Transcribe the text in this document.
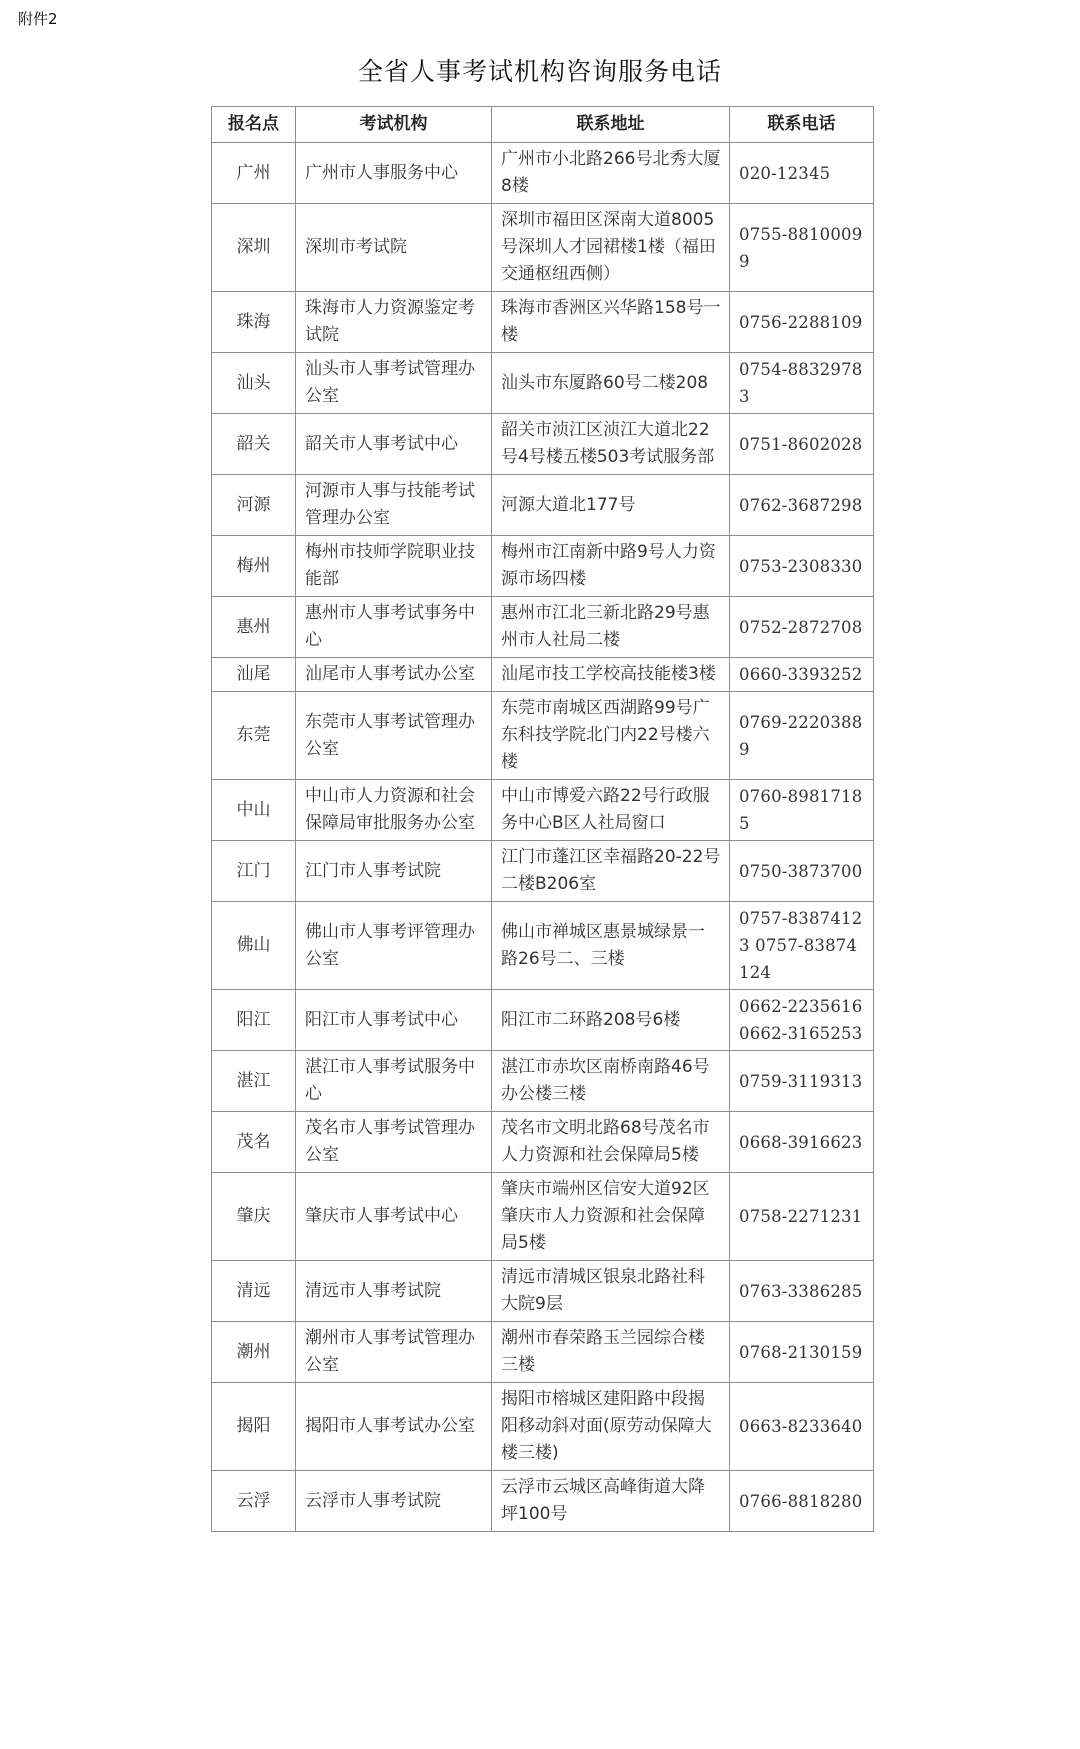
附件2
全省人事考试机构咨询服务电话
报名点	考试机构	联系地址	联系电话
广州	广州市人事服务中心	广州市小北路266号北秀大厦8楼	020-12345
深圳	深圳市考试院	深圳市福田区深南大道8005号深圳人才园裙楼1楼（福田交通枢纽西侧）	0755-88100099
珠海	珠海市人力资源鉴定考试院	珠海市香洲区兴华路158号一楼	0756-2288109
汕头	汕头市人事考试管理办公室	汕头市东厦路60号二楼208	0754-88329783
韶关	韶关市人事考试中心	韶关市浈江区浈江大道北22号4号楼五楼503考试服务部	0751-8602028
河源	河源市人事与技能考试管理办公室	河源大道北177号	0762-3687298
梅州	梅州市技师学院职业技能部	梅州市江南新中路9号人力资源市场四楼	0753-2308330
惠州	惠州市人事考试事务中心	惠州市江北三新北路29号惠州市人社局二楼	0752-2872708
汕尾	汕尾市人事考试办公室	汕尾市技工学校高技能楼3楼	0660-3393252
东莞	东莞市人事考试管理办公室	东莞市南城区西湖路99号广东科技学院北门内22号楼六楼	0769-22203889
中山	中山市人力资源和社会保障局审批服务办公室	中山市博爱六路22号行政服务中心B区人社局窗口	0760-89817185
江门	江门市人事考试院	江门市蓬江区幸福路20-22号二楼B206室	0750-3873700
佛山	佛山市人事考评管理办公室	佛山市禅城区惠景城绿景一路26号二、三楼	0757-83874123 0757-83874124
阳江	阳江市人事考试中心	阳江市二环路208号6楼	0662-2235616 0662-3165253
湛江	湛江市人事考试服务中心	湛江市赤坎区南桥南路46号办公楼三楼	0759-3119313
茂名	茂名市人事考试管理办公室	茂名市文明北路68号茂名市人力资源和社会保障局5楼	0668-3916623
肇庆	肇庆市人事考试中心	肇庆市端州区信安大道92区肇庆市人力资源和社会保障局5楼	0758-2271231
清远	清远市人事考试院	清远市清城区银泉北路社科大院9层	0763-3386285
潮州	潮州市人事考试管理办公室	潮州市春荣路玉兰园综合楼三楼	0768-2130159
揭阳	揭阳市人事考试办公室	揭阳市榕城区建阳路中段揭阳移动斜对面(原劳动保障大楼三楼)	0663-8233640
云浮	云浮市人事考试院	云浮市云城区高峰街道大降坪100号	0766-8818280
